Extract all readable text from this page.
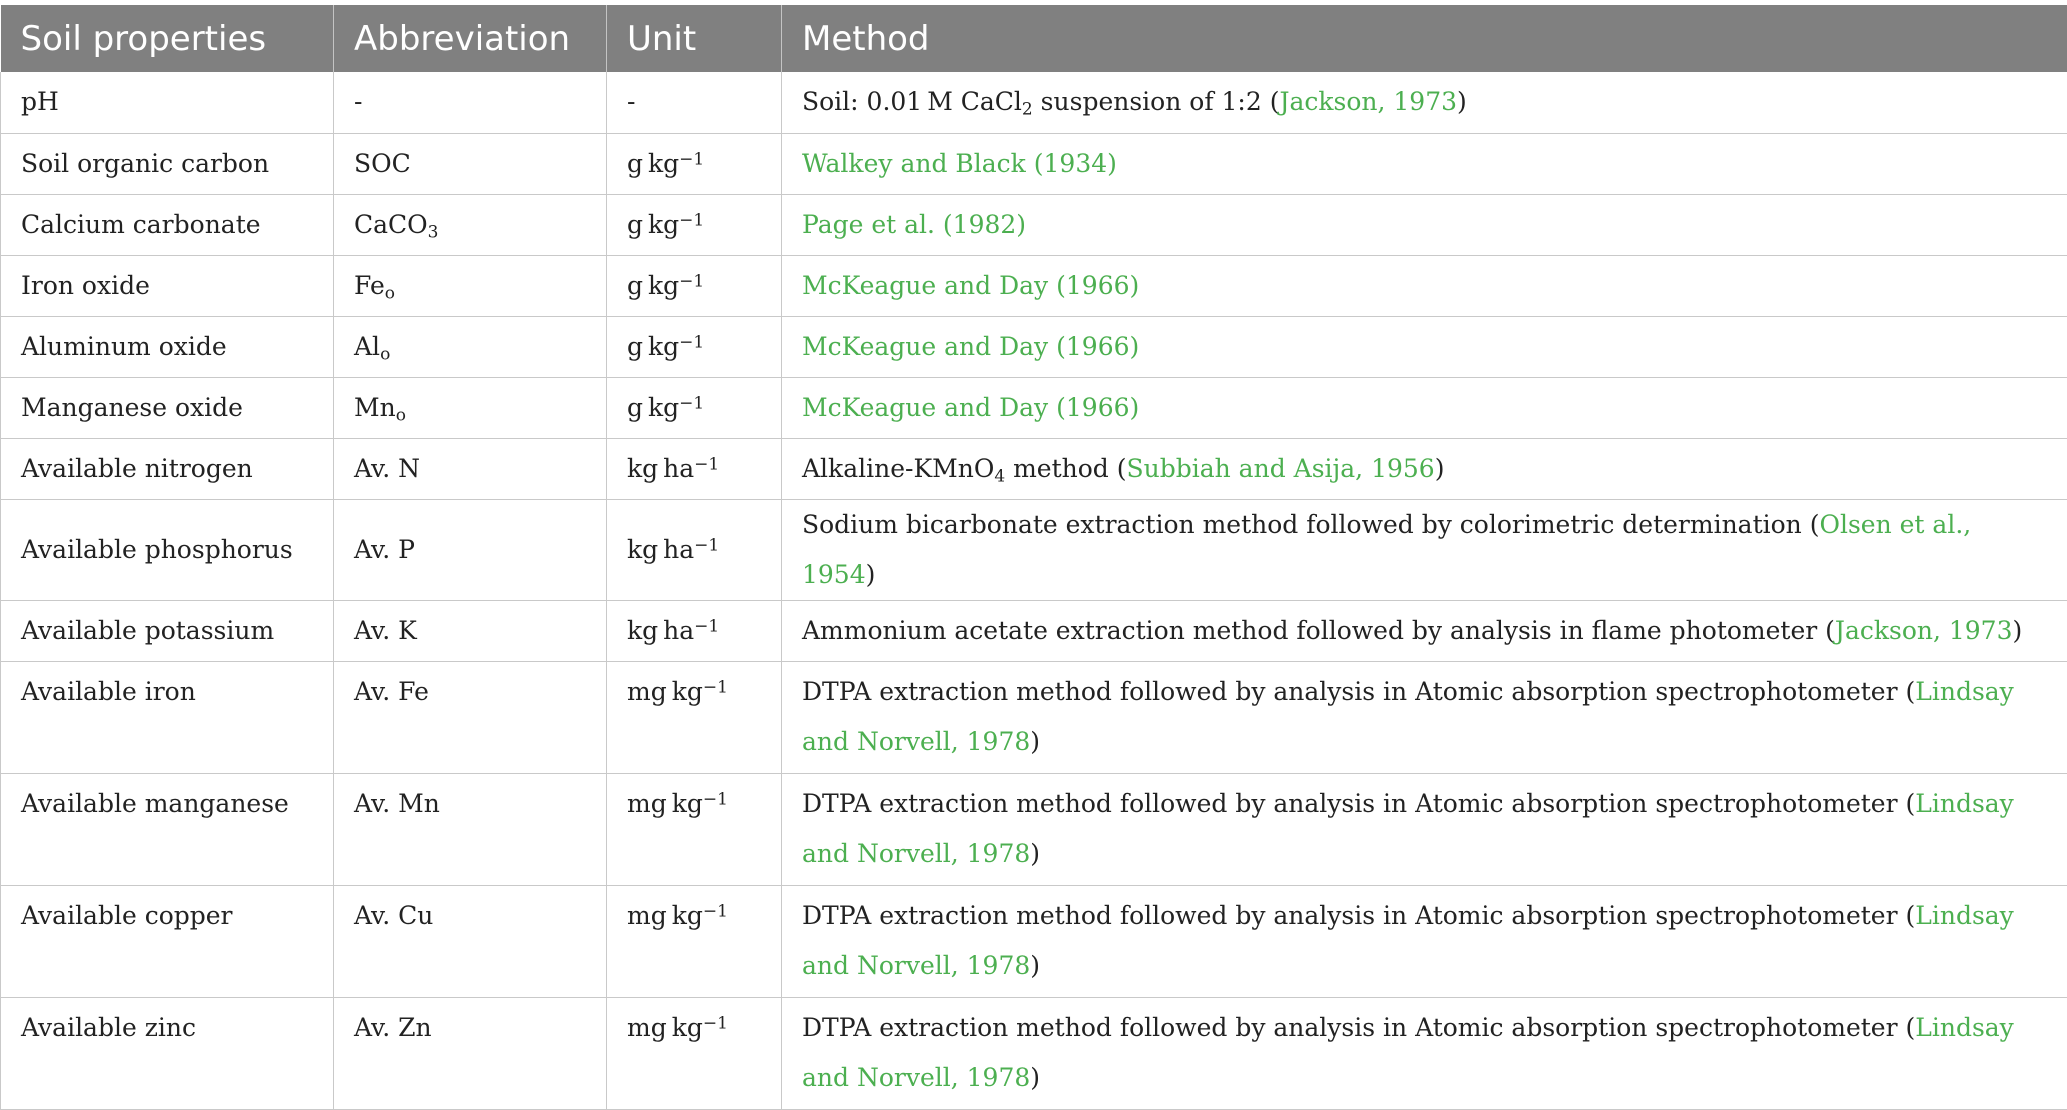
Soil properties	Abbreviation	Unit	Method
pH	-	-	Soil: 0.01 M CaCl$_2$ suspension of 1:2 (Jackson, 1973)
Soil organic carbon	SOC	g $kg^{-1}$	Walkey and Black (1934)
Calcium carbonate	CaCO$_3$	g $kg^{-1}$	Page et al. (1982)
Iron oxide	$Fe_o$	g $kg^{-1}$	McKeague and Day (1966)
Aluminum oxide	$Al_o$	g $kg^{-1}$	McKeague and Day (1966)
Manganese oxide	$Mn_o$	g $kg^{-1}$	McKeague and Day (1966)
Available nitrogen	Av. N	kg $ha^{-1}$	Alkaline-KMnO$_4$ method (Subbiah and Asija, 1956)
Available phosphorus	Av. P	kg $ha^{-1}$	Sodium bicarbonate extraction method followed by colorimetric determination (Olsen et al., 1954)
Available potassium	Av. K	kg $ha^{-1}$	Ammonium acetate extraction method followed by analysis in flame photometer (Jackson, 1973)
Available iron	Av. Fe	mg $kg^{-1}$	DTPA extraction method followed by analysis in Atomic absorption spectrophotometer (Lindsay and Norvell, 1978)
Available manganese	Av. Mn	mg $kg^{-1}$	DTPA extraction method followed by analysis in Atomic absorption spectrophotometer (Lindsay and Norvell, 1978)
Available copper	Av. Cu	mg $kg^{-1}$	DTPA extraction method followed by analysis in Atomic absorption spectrophotometer (Lindsay and Norvell, 1978)
Available zinc	Av. Zn	mg $kg^{-1}$	DTPA extraction method followed by analysis in Atomic absorption spectrophotometer (Lindsay and Norvell, 1978)
